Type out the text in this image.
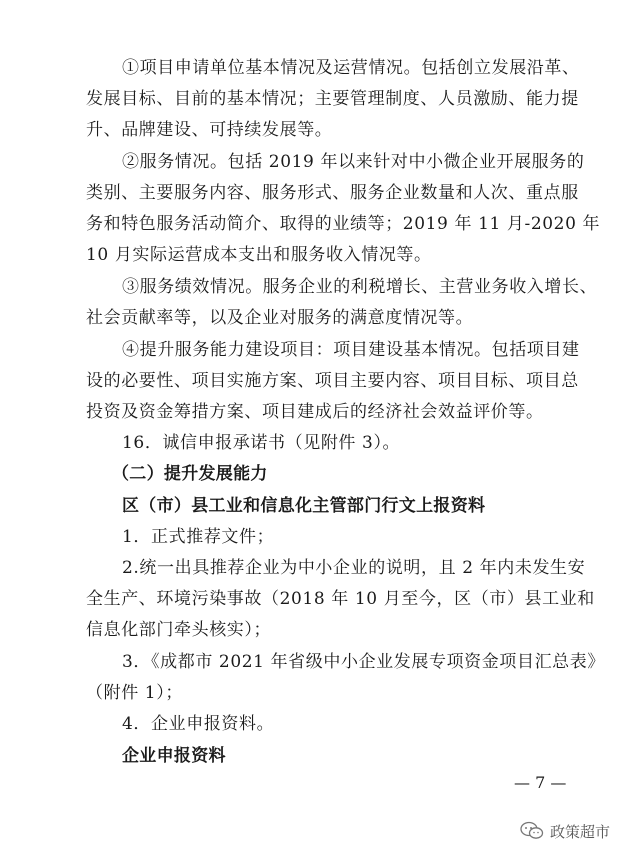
①项目申请单位基本情况及运营情况。包括创立发展沿革、
发展目标、目前的基本情况；主要管理制度、人员激励、能力提
升、品牌建设、可持续发展等。
②服务情况。包括 2019 年以来针对中小微企业开展服务的
类别、主要服务内容、服务形式、服务企业数量和人次、重点服
务和特色服务活动简介、取得的业绩等；2019 年 11 月-2020 年
10 月实际运营成本支出和服务收入情况等。
③服务绩效情况。服务企业的利税增长、主营业务收入增长、
社会贡献率等，以及企业对服务的满意度情况等。
④提升服务能力建设项目：项目建设基本情况。包括项目建
设的必要性、项目实施方案、项目主要内容、项目目标、项目总
投资及资金筹措方案、项目建成后的经济社会效益评价等。
16．诚信申报承诺书（见附件 3）。
（二）提升发展能力
区（市）县工业和信息化主管部门行文上报资料
1．正式推荐文件；
2.统一出具推荐企业为中小企业的说明，且 2 年内未发生安
全生产、环境污染事故（2018 年 10 月至今，区（市）县工业和
信息化部门牵头核实）；
3．《成都市 2021 年省级中小企业发展专项资金项目汇总表》
（附件 1）；
4．企业申报资料。
企业申报资料
— 7 —
政策超市
